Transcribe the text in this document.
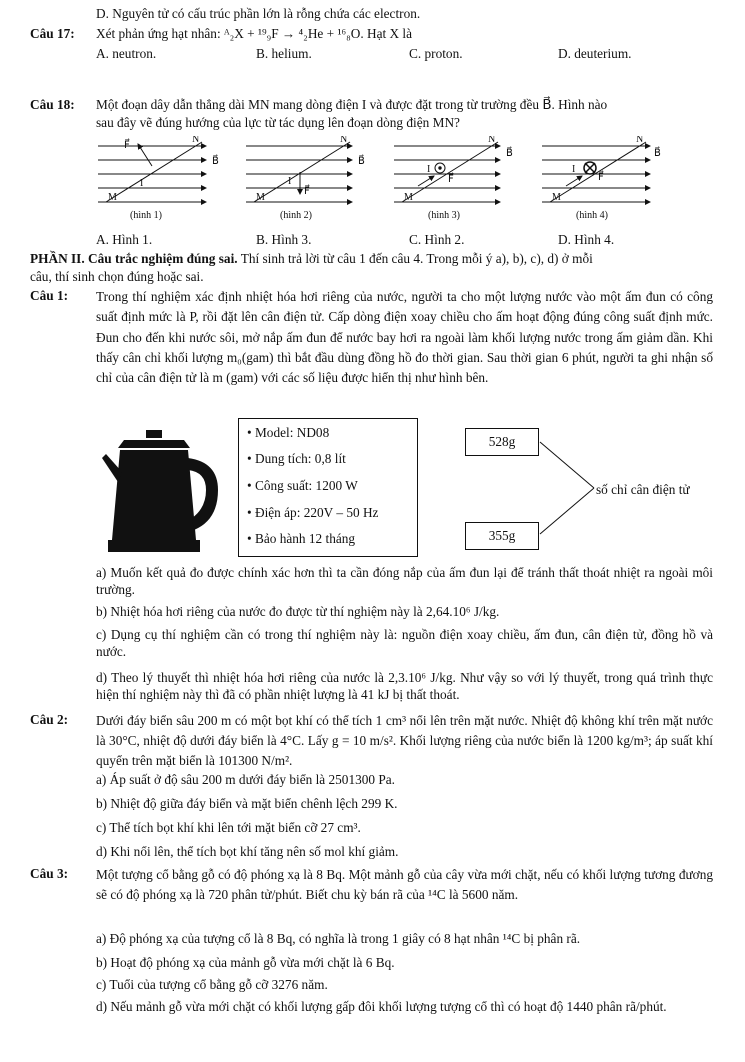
D. Nguyên tử có cấu trúc phần lớn là rỗng chứa các electron.
Câu 17: Xét phản ứng hạt nhân: ᴬ₂X + ¹⁹₉F → ⁴₂He + ¹⁶₈O. Hạt X là
A. neutron.	B. helium.	C. proton.	D. deuterium.
Câu 18: Một đoạn dây dẫn thẳng dài MN mang dòng điện I và được đặt trong từ trường đều B⃗. Hình nào
sau đây vẽ đúng hướng của lực từ tác dụng lên đoạn dòng điện MN?
F⃗
N
B⃗
I
M
N
B⃗
I
F⃗
M
N
B⃗
I
F⃗
M
N
B⃗
I
F⃗
M
(hình 1)	(hình 2)	(hình 3)	(hình 4)
A. Hình 1.	B. Hình 3.	C. Hình 2.	D. Hình 4.
PHẦN II. Câu trắc nghiệm đúng sai. Thí sinh trả lời từ câu 1 đến câu 4. Trong mỗi ý a), b), c), d) ở mỗi
câu, thí sinh chọn đúng hoặc sai.
Câu 1: Trong thí nghiệm xác định nhiệt hóa hơi riêng của nước, người ta cho một lượng nước vào một ấm đun có công suất định mức là P, rồi đặt lên cân điện tử. Cấp dòng điện xoay chiều cho ấm hoạt động đúng công suất định mức. Đun cho đến khi nước sôi, mở nắp ấm đun để nước bay hơi ra ngoài làm khối lượng nước trong ấm giảm dần. Khi thấy cân chỉ khối lượng m₀(gam) thì bắt đầu dùng đồng hồ đo thời gian. Sau thời gian 6 phút, người ta ghi nhận số chỉ của cân điện tử là m (gam) với các số liệu được hiển thị như hình bên.
• Model: ND08
• Dung tích: 0,8 lít
• Công suất: 1200 W
• Điện áp: 220V – 50 Hz
• Bảo hành 12 tháng
528g
355g
số chỉ cân điện tử
a) Muốn kết quả đo được chính xác hơn thì ta cần đóng nắp của ấm đun lại để tránh thất thoát nhiệt ra ngoài môi trường.
b) Nhiệt hóa hơi riêng của nước đo được từ thí nghiệm này là 2,64.10⁶ J/kg.
c) Dụng cụ thí nghiệm cần có trong thí nghiệm này là: nguồn điện xoay chiều, ấm đun, cân điện tử, đồng hồ và nước.
d) Theo lý thuyết thì nhiệt hóa hơi riêng của nước là 2,3.10⁶ J/kg. Như vậy so với lý thuyết, trong quá trình thực hiện thí nghiệm này thì đã có phần nhiệt lượng là 41 kJ bị thất thoát.
Câu 2: Dưới đáy biển sâu 200 m có một bọt khí có thể tích 1 cm³ nổi lên trên mặt nước. Nhiệt độ không khí trên mặt nước là 30°C, nhiệt độ dưới đáy biển là 4°C. Lấy g = 10 m/s². Khối lượng riêng của nước biển là 1200 kg/m³; áp suất khí quyển trên mặt biển là 101300 N/m².
a) Áp suất ở độ sâu 200 m dưới đáy biển là 2501300 Pa.
b) Nhiệt độ giữa đáy biển và mặt biển chênh lệch 299 K.
c) Thể tích bọt khí khi lên tới mặt biển cỡ 27 cm³.
d) Khi nổi lên, thể tích bọt khí tăng nên số mol khí giảm.
Câu 3: Một tượng cổ bằng gỗ có độ phóng xạ là 8 Bq. Một mảnh gỗ của cây vừa mới chặt, nếu có khối lượng tương đương sẽ có độ phóng xạ là 720 phân tử/phút. Biết chu kỳ bán rã của ¹⁴C là 5600 năm.
a) Độ phóng xạ của tượng cổ là 8 Bq, có nghĩa là trong 1 giây có 8 hạt nhân ¹⁴C bị phân rã.
b) Hoạt độ phóng xạ của mảnh gỗ vừa mới chặt là 6 Bq.
c) Tuổi của tượng cổ bằng gỗ cỡ 3276 năm.
d) Nếu mảnh gỗ vừa mới chặt có khối lượng gấp đôi khối lượng tượng cổ thì có hoạt độ 1440 phân rã/phút.
